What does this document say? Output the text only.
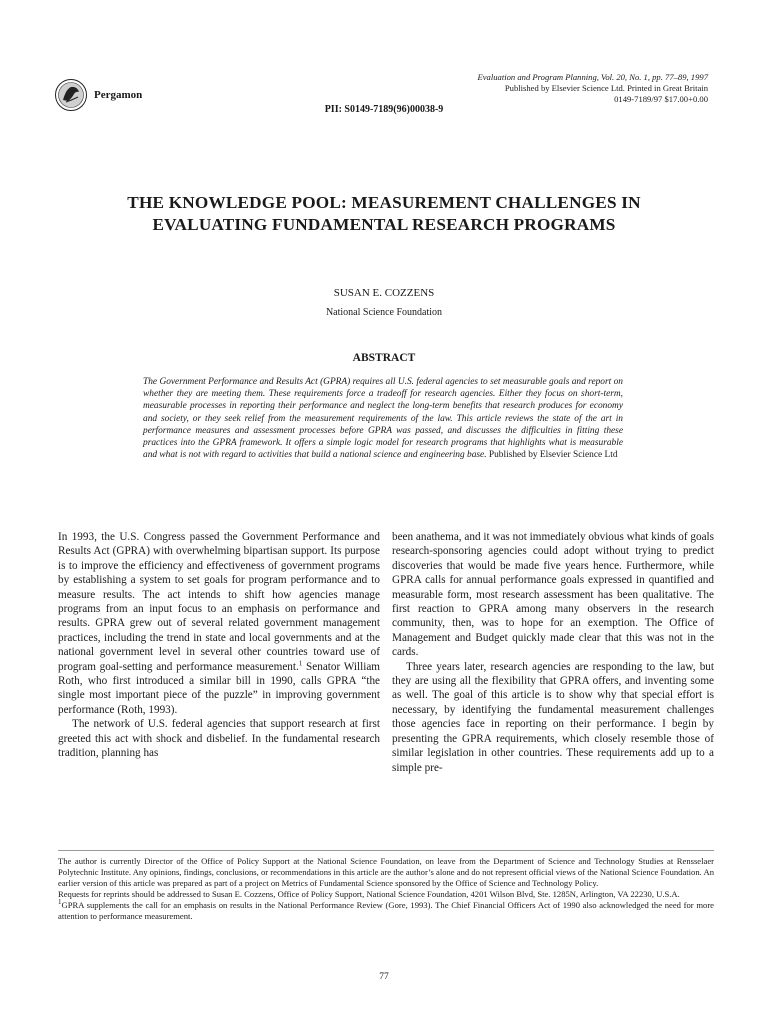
Pergamon
Evaluation and Program Planning, Vol. 20, No. 1, pp. 77–89, 1997
Published by Elsevier Science Ltd. Printed in Great Britain
0149-7189/97 $17.00+0.00
PII: S0149-7189(96)00038-9
THE KNOWLEDGE POOL: MEASUREMENT CHALLENGES IN
EVALUATING FUNDAMENTAL RESEARCH PROGRAMS
SUSAN E. COZZENS
National Science Foundation
ABSTRACT
The Government Performance and Results Act (GPRA) requires all U.S. federal agencies to set measurable goals and report on whether they are meeting them. These requirements force a tradeoff for research agencies. Either they focus on short-term, measurable processes in reporting their performance and neglect the long-term benefits that research produces for economy and society, or they seek relief from the measurement requirements of the law. This article reviews the state of the art in performance measures and assessment processes before GPRA was passed, and discusses the difficulties in fitting these practices into the GPRA framework. It offers a simple logic model for research programs that highlights what is measurable and what is not with regard to activities that build a national science and engineering base. Published by Elsevier Science Ltd

In 1993, the U.S. Congress passed the Government Performance and Results Act (GPRA) with overwhelming bipartisan support. Its purpose is to improve the efficiency and effectiveness of government programs by establishing a system to set goals for program performance and to measure results. The act intends to shift how agencies manage programs from an input focus to an emphasis on performance and results. GPRA grew out of several related government management practices, including the trend in state and local governments and at the national government level in several other countries toward use of program goal-setting and performance measurement.$^1$ Senator William Roth, who first introduced a similar bill in 1990, calls GPRA “the single most important piece of the puzzle” in improving government performance (Roth, 1993).

The network of U.S. federal agencies that support research at first greeted this act with shock and disbelief. In the fundamental research tradition, planning has

been anathema, and it was not immediately obvious what kinds of goals research-sponsoring agencies could adopt without trying to predict discoveries that would be made five years hence. Furthermore, while GPRA calls for annual performance goals expressed in quantified and measurable form, most research assessment has been qualitative. The first reaction to GPRA among many observers in the research community, then, was to hope for an exemption. The Office of Management and Budget quickly made clear that this was not in the cards.

Three years later, research agencies are responding to the law, but they are using all the flexibility that GPRA offers, and inventing some as well. The goal of this article is to show why that special effort is necessary, by identifying the fundamental measurement challenges those agencies face in reporting on their performance. I begin by presenting the GPRA requirements, which closely resemble those of similar legislation in other countries. These requirements add up to a simple pre-

The author is currently Director of the Office of Policy Support at the National Science Foundation, on leave from the Department of Science and Technology Studies at Rensselaer Polytechnic Institute. Any opinions, findings, conclusions, or recommendations in this article are the author’s alone and do not represent official views of the National Science Foundation. An earlier version of this article was prepared as part of a project on Metrics of Fundamental Science sponsored by the Office of Science and Technology Policy.

Requests for reprints should be addressed to Susan E. Cozzens, Office of Policy Support, National Science Foundation, 4201 Wilson Blvd, Ste. 1285N, Arlington, VA 22230, U.S.A.

$^1$GPRA supplements the call for an emphasis on results in the National Performance Review (Gore, 1993). The Chief Financial Officers Act of 1990 also acknowledged the need for more attention to performance measurement.

77
